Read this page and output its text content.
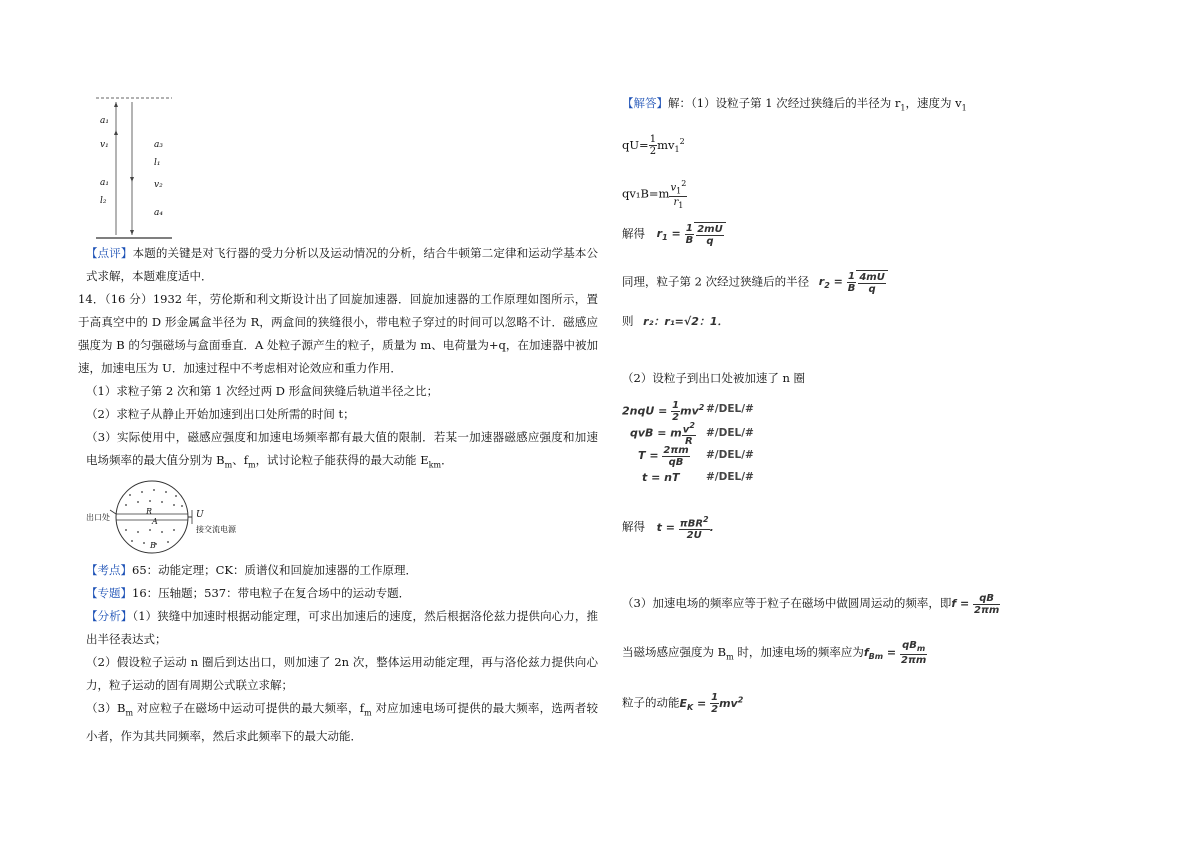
a₁
v₁	a₃
l₁
a₁
l₂
v₂
a₄

【点评】本题的关键是对飞行器的受力分析以及运动情况的分析，结合牛顿第二定律和运动学基本公式求解，本题难度适中．

14．（16 分）1932 年，劳伦斯和利文斯设计出了回旋加速器．回旋加速器的工作原理如图所示，置于高真空中的 D 形金属盒半径为 R，两盒间的狭缝很小，带电粒子穿过的时间可以忽略不计．磁感应强度为 B 的匀强磁场与盒面垂直．A 处粒子源产生的粒子，质量为 m、电荷量为+q，在加速器中被加速，加速电压为 U．加速过程中不考虑相对论效应和重力作用．

（1）求粒子第 2 次和第 1 次经过两 D 形盒间狭缝后轨道半径之比；

（2）求粒子从静止开始加速到出口处所需的时间 t；

（3）实际使用中，磁感应强度和加速电场频率都有最大值的限制．若某一加速器磁感应强度和加速电场频率的最大值分别为 $B_m$、$f_m$，试讨论粒子能获得的最大动能 $E_{km}$．

出口处
R
A
B
U
接交流电源

【考点】65：动能定理；CK：质谱仪和回旋加速器的工作原理．

【专题】16：压轴题；537：带电粒子在复合场中的运动专题．

【分析】（1）狭缝中加速时根据动能定理，可求出加速后的速度，然后根据洛伦兹力提供向心力，推出半径表达式；

（2）假设粒子运动 n 圈后到达出口，则加速了 2n 次，整体运用动能定理，再与洛伦兹力提供向心力，粒子运动的固有周期公式联立求解；

$(3)B_m$ 对应粒子在磁场中运动可提供的最大频率，$f_m$ 对应加速电场可提供的最大频率，选两者较小者，作为其共同频率，然后求此频率下的最大动能．

【解答】解：（1）设粒子第 1 次经过狭缝后的半径为 $r_1$，速度为 $v_1$
$qU= \frac{1}{2} mv_1^2$
$qv_1B=m \frac{v_1^2}{r_1}$
解得 $r_1 = \frac{1}{B} \frac{2mU}{q}$
同理，粒子第 2 次经过狭缝后的半径 $r_2 = \frac{1}{B} \frac{4mU}{q}$
则 r₂：r₁=√2：1．
（2）设粒子到出口处被加速了 n 圈
$2nqU = \frac{1}{2} mv^2$ #/DEL/#
qvB = m $\frac{v^2}{R}$ #/DEL/#
$T = \frac{2\pi m}{qB}$ #/DEL/#
t = nT	#/DEL/#
解得 $t = \frac{\pi BR^2}{2U}$ .
（3）加速电场的频率应等于粒子在磁场中做圆周运动的频率，即$f = \frac{qB}{2\pi m}$
当磁场感应强度为 $B_m$ 时，加速电场的频率应为$f_{Bm} = \frac{qB_m}{2\pi m}$
粒子的动能$E_K = \frac{1}{2} mv^2$
